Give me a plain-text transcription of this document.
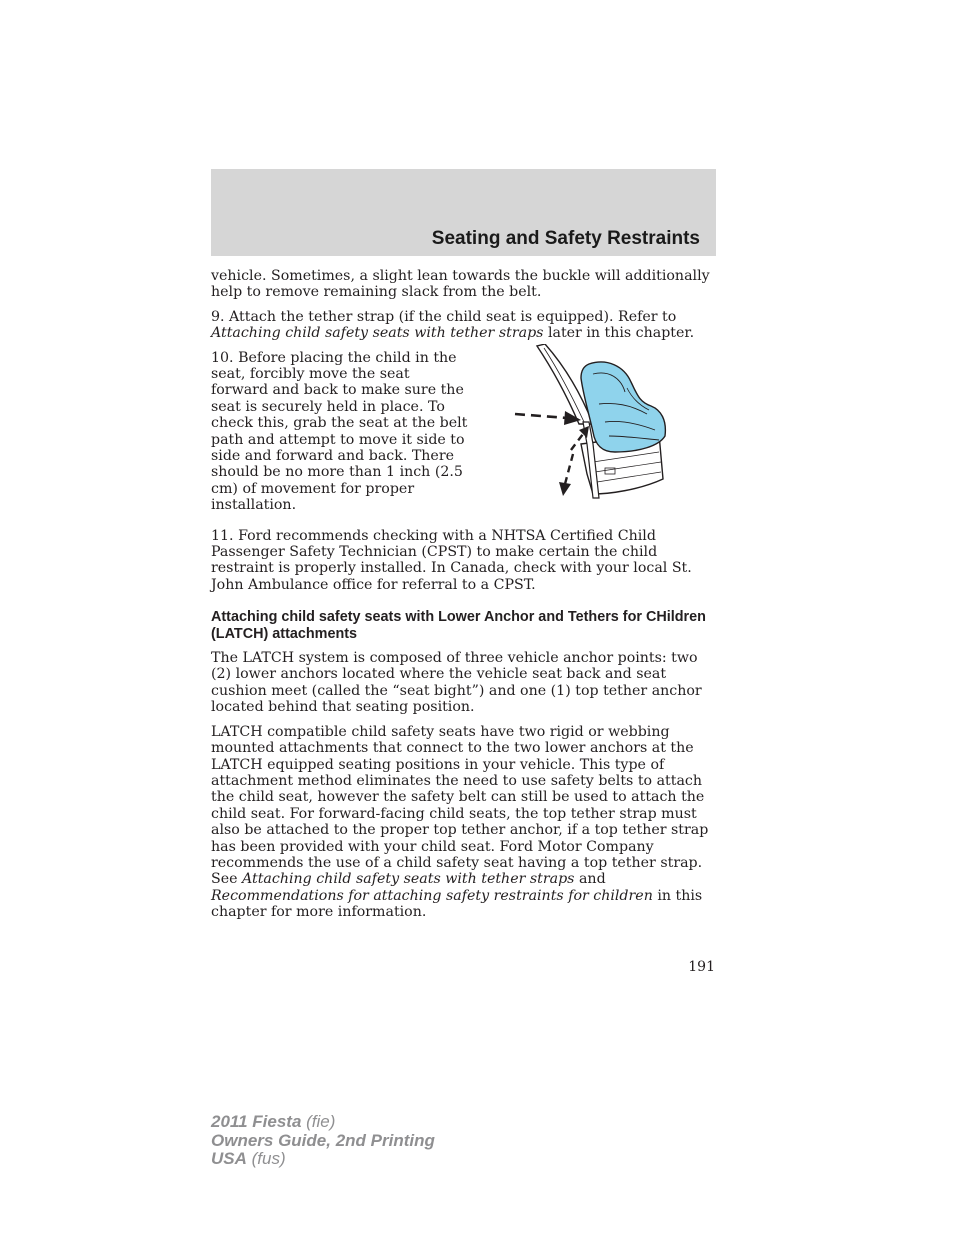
Seating and Safety Restraints

vehicle. Sometimes, a slight lean towards the buckle will additionally help to remove remaining slack from the belt.

9. Attach the tether strap (if the child seat is equipped). Refer to Attaching child safety seats with tether straps later in this chapter.

10. Before placing the child in the seat, forcibly move the seat forward and back to make sure the seat is securely held in place. To check this, grab the seat at the belt path and attempt to move it side to side and forward and back. There should be no more than 1 inch (2.5 cm) of movement for proper installation.

11. Ford recommends checking with a NHTSA Certified Child Passenger Safety Technician (CPST) to make certain the child restraint is properly installed. In Canada, check with your local St. John Ambulance office for referral to a CPST.

Attaching child safety seats with Lower Anchor and Tethers for CHildren (LATCH) attachments

The LATCH system is composed of three vehicle anchor points: two (2) lower anchors located where the vehicle seat back and seat cushion meet (called the “seat bight”) and one (1) top tether anchor located behind that seating position.

LATCH compatible child safety seats have two rigid or webbing mounted attachments that connect to the two lower anchors at the LATCH equipped seating positions in your vehicle. This type of attachment method eliminates the need to use safety belts to attach the child seat, however the safety belt can still be used to attach the child seat. For forward-facing child seats, the top tether strap must also be attached to the proper top tether anchor, if a top tether strap has been provided with your child seat. Ford Motor Company recommends the use of a child safety seat having a top tether strap. See Attaching child safety seats with tether straps and Recommendations for attaching safety restraints for children in this chapter for more information.

191
2011 Fiesta (fie)
Owners Guide, 2nd Printing
USA (fus)
